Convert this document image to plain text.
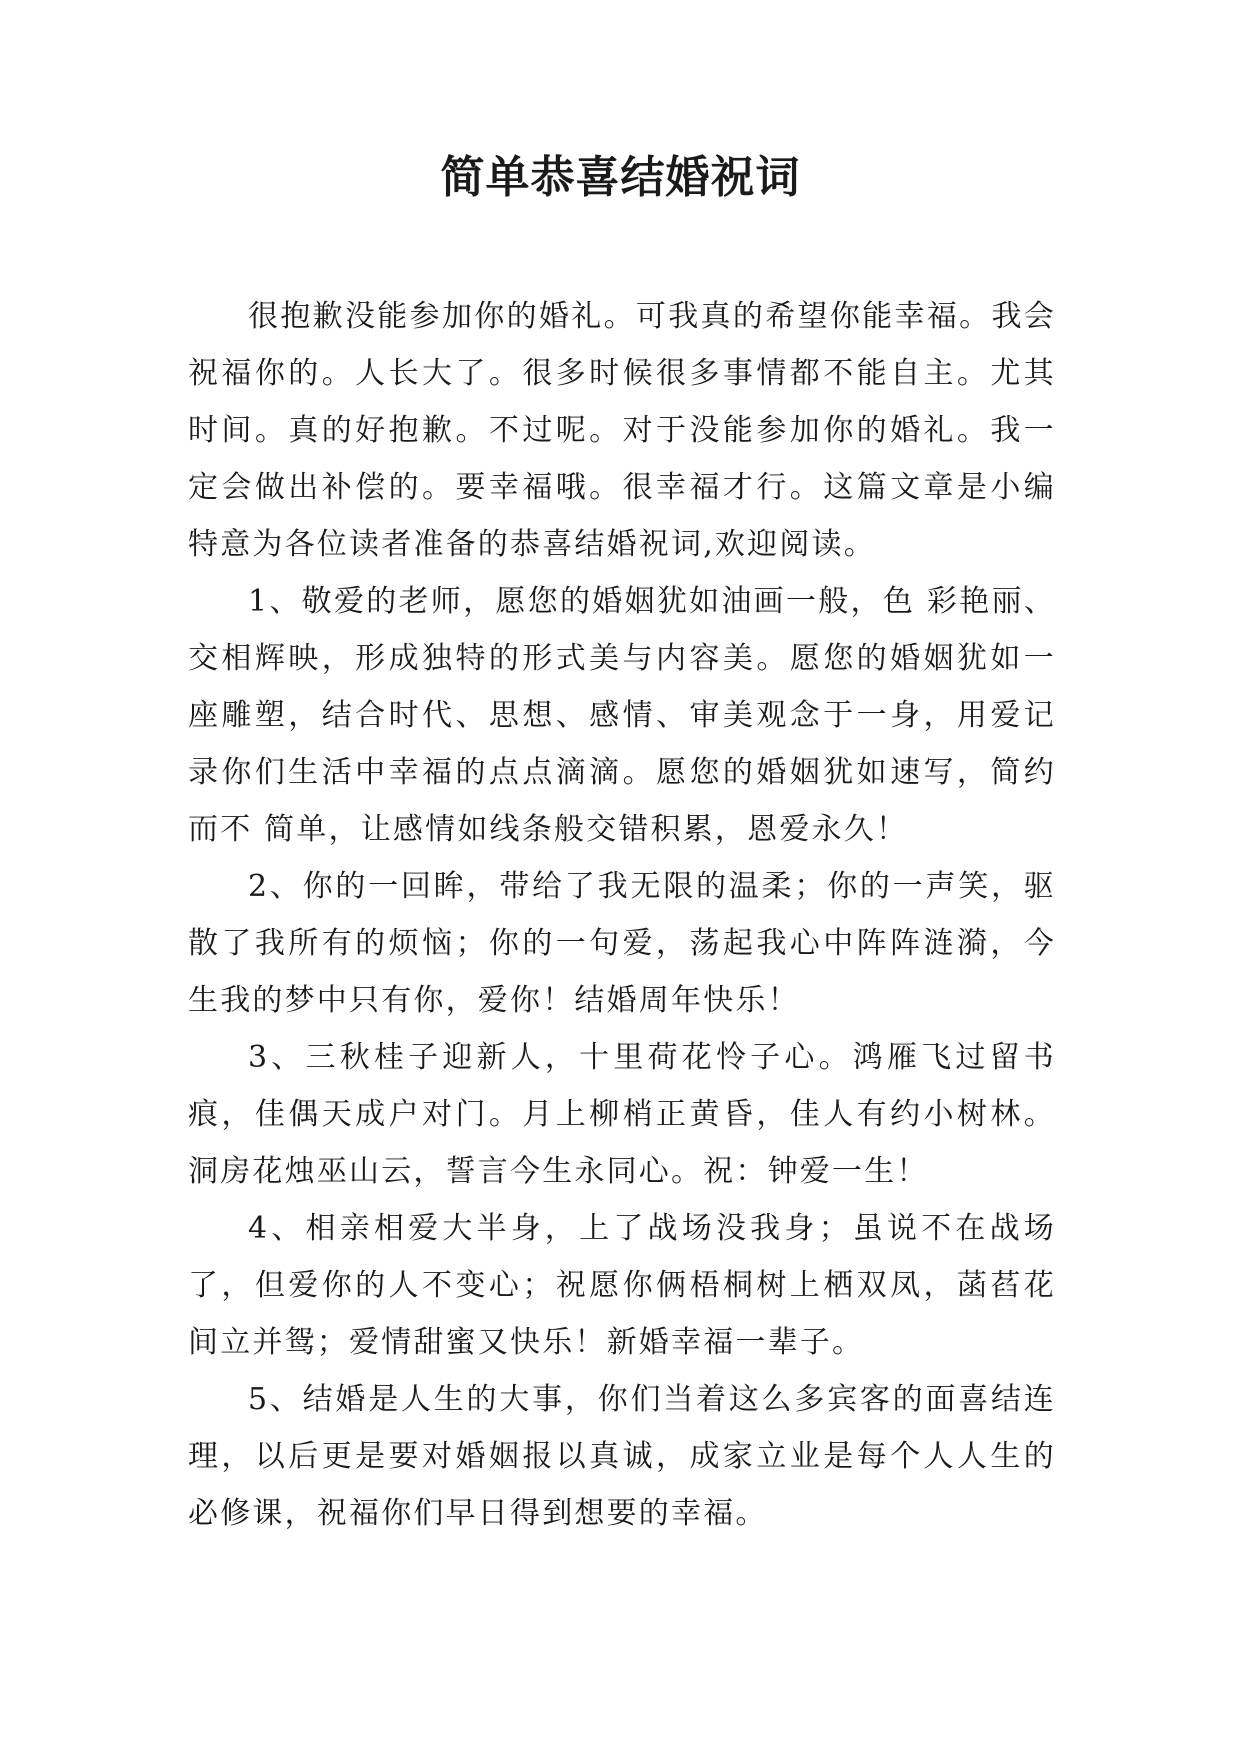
简单恭喜结婚祝词

很抱歉没能参加你的婚礼。可我真的希望你能幸福。我会祝福你的。人长大了。很多时候很多事情都不能自主。尤其时间。真的好抱歉。不过呢。对于没能参加你的婚礼。我一定会做出补偿的。要幸福哦。很幸福才行。这篇文章是小编特意为各位读者准备的恭喜结婚祝词,欢迎阅读。

1、敬爱的老师，愿您的婚姻犹如油画一般，色 彩艳丽、交相辉映，形成独特的形式美与内容美。愿您的婚姻犹如一座雕塑，结合时代、思想、感情、审美观念于一身，用爱记录你们生活中幸福的点点滴滴。愿您的婚姻犹如速写，简约而不 简单，让感情如线条般交错积累，恩爱永久！

2、你的一回眸，带给了我无限的温柔；你的一声笑，驱散了我所有的烦恼；你的一句爱，荡起我心中阵阵涟漪，今生我的梦中只有你，爱你！结婚周年快乐！

3、三秋桂子迎新人，十里荷花怜子心。鸿雁飞过留书痕，佳偶天成户对门。月上柳梢正黄昏，佳人有约小树林。洞房花烛巫山云，誓言今生永同心。祝：钟爱一生！

4、相亲相爱大半身，上了战场没我身；虽说不在战场了，但爱你的人不变心；祝愿你俩梧桐树上栖双凤，菡萏花间立并鸳；爱情甜蜜又快乐！新婚幸福一辈子。

5、结婚是人生的大事，你们当着这么多宾客的面喜结连理，以后更是要对婚姻报以真诚，成家立业是每个人人生的必修课，祝福你们早日得到想要的幸福。
